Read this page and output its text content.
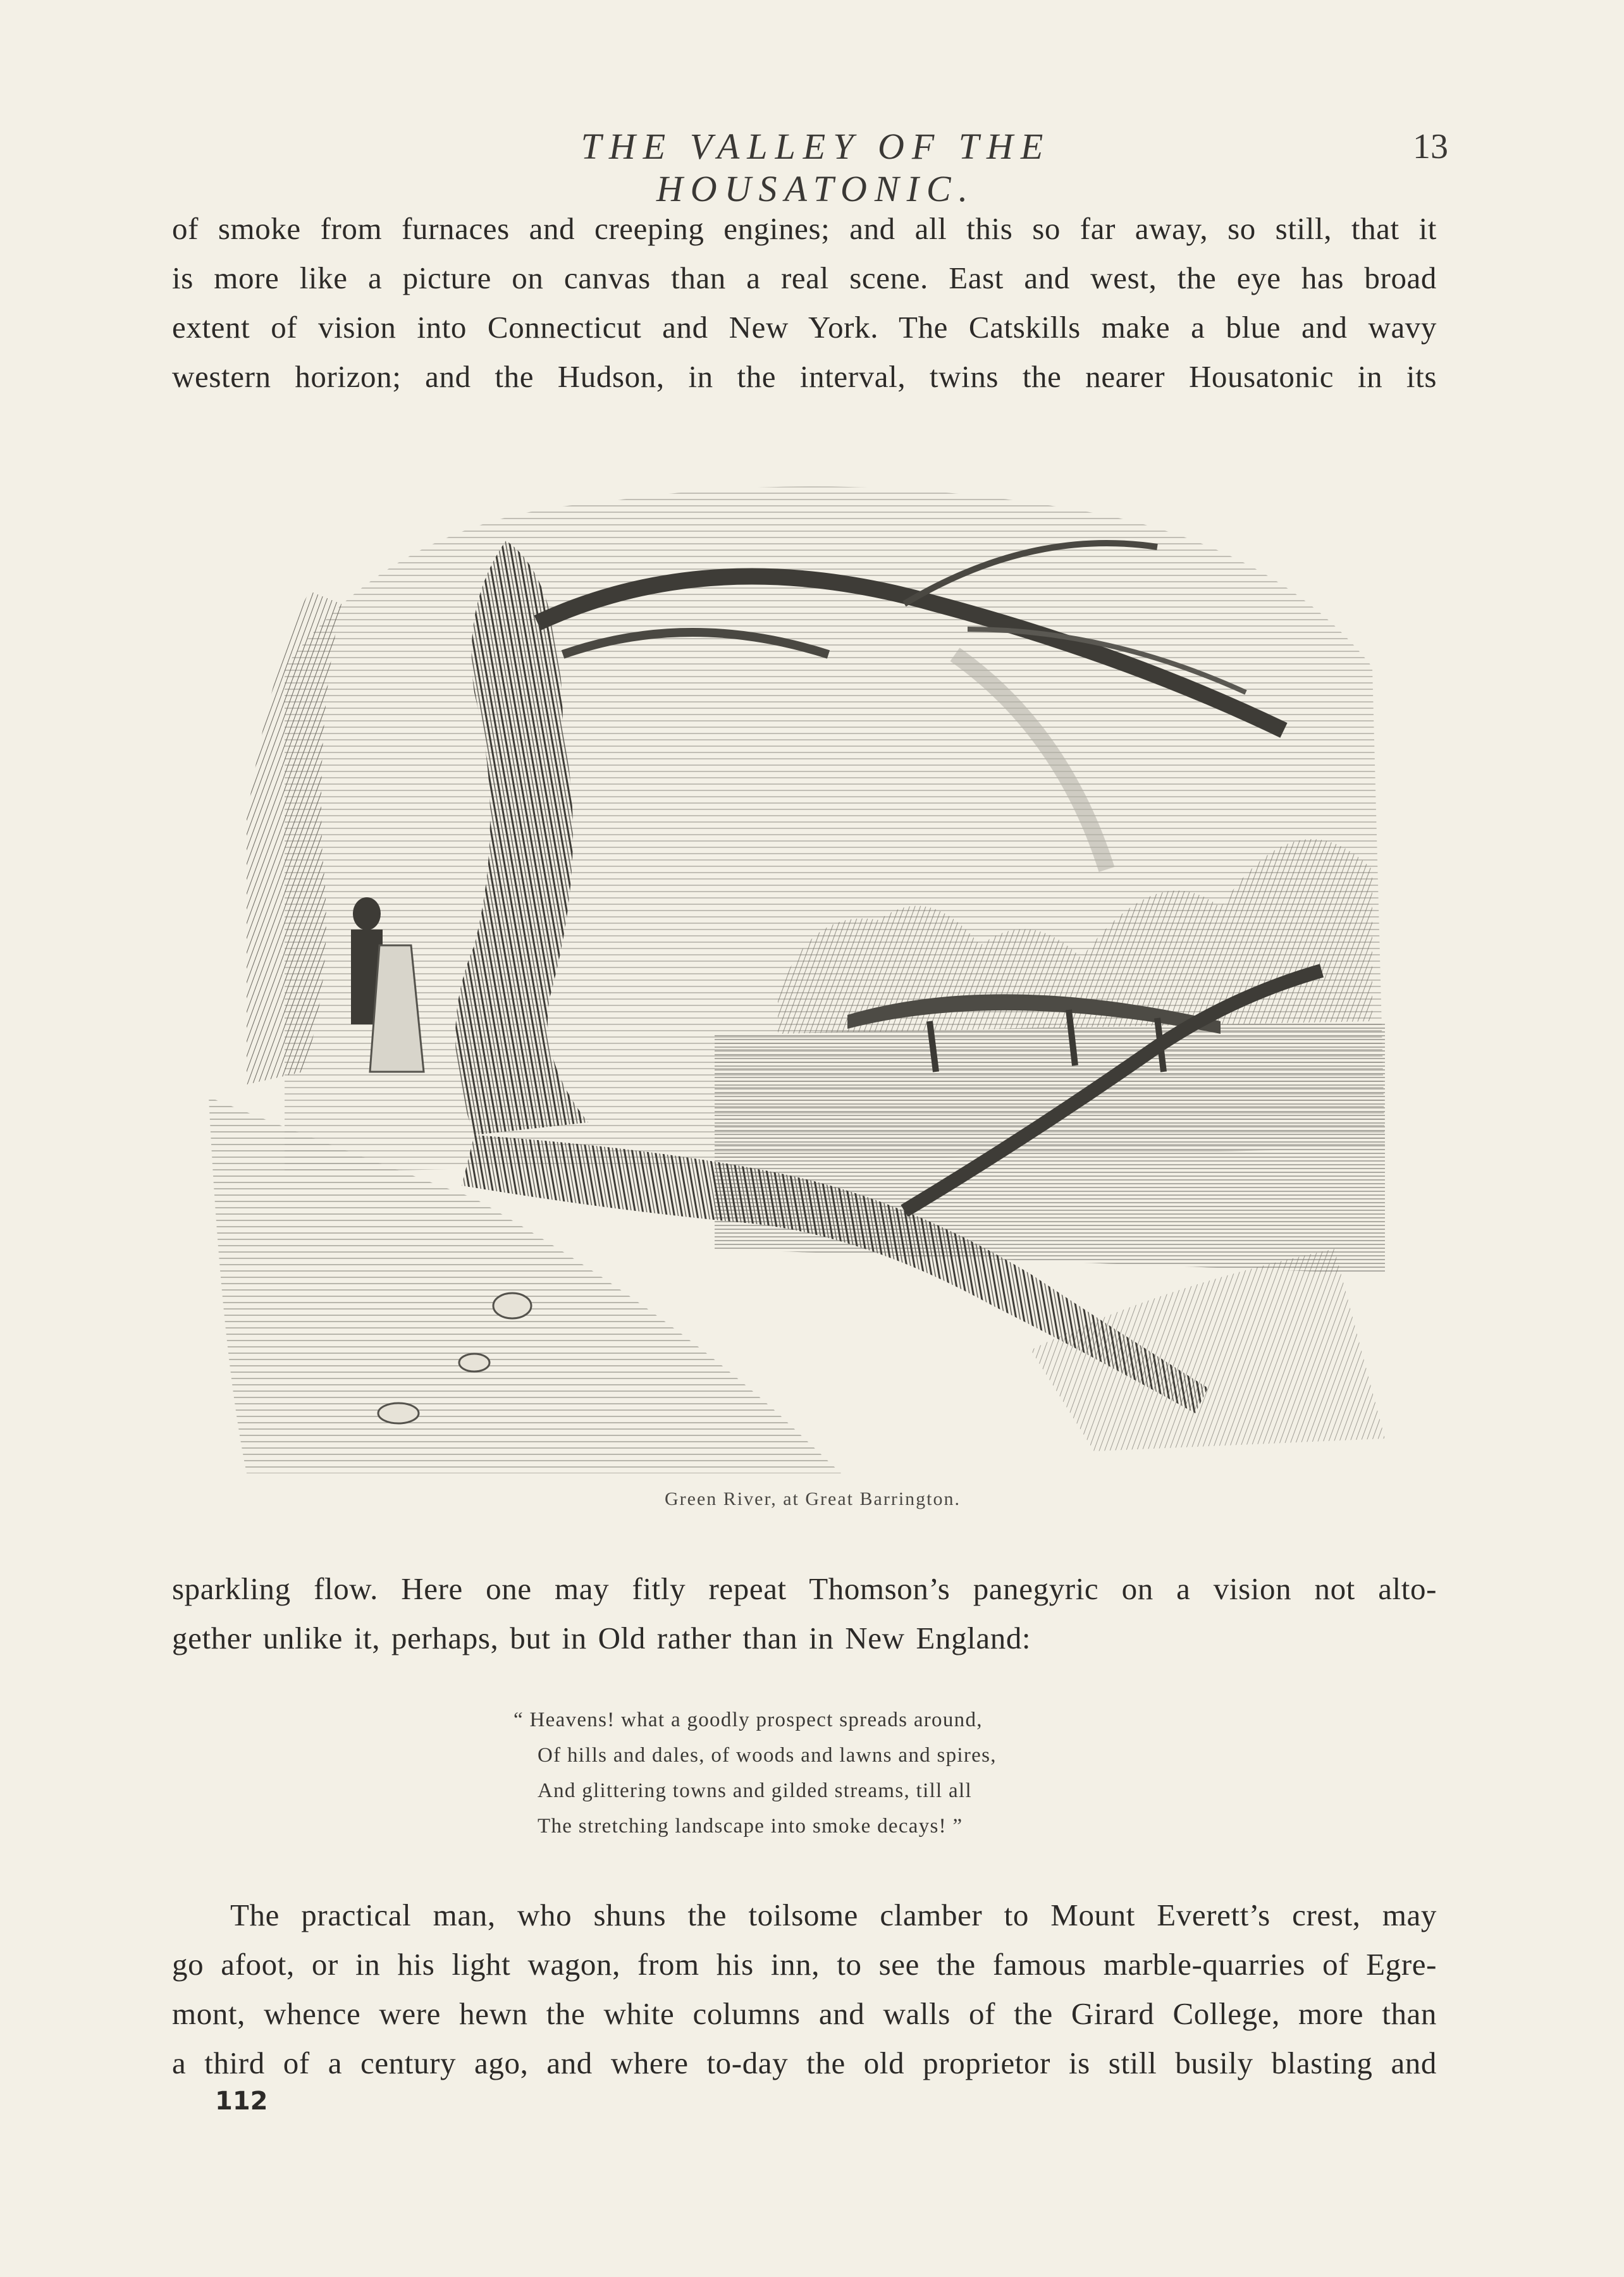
THE VALLEY OF THE HOUSATONIC.
13
of smoke from furnaces and creeping engines; and all this so far away, so still, that it
is more like a picture on canvas than a real scene. East and west, the eye has broad
extent of vision into Connecticut and New York. The Catskills make a blue and wavy
western horizon; and the Hudson, in the interval, twins the nearer Housatonic in its
Green River, at Great Barrington.
sparkling flow. Here one may fitly repeat Thomson’s panegyric on a vision not alto-
gether unlike it, perhaps, but in Old rather than in New England:
“ Heavens! what a goodly prospect spreads around,
Of hills and dales, of woods and lawns and spires,
And glittering towns and gilded streams, till all
The stretching landscape into smoke decays! ”
The practical man, who shuns the toilsome clamber to Mount Everett’s crest, may
go afoot, or in his light wagon, from his inn, to see the famous marble-quarries of Egre-
mont, whence were hewn the white columns and walls of the Girard College, more than
a third of a century ago, and where to-day the old proprietor is still busily blasting and
112
